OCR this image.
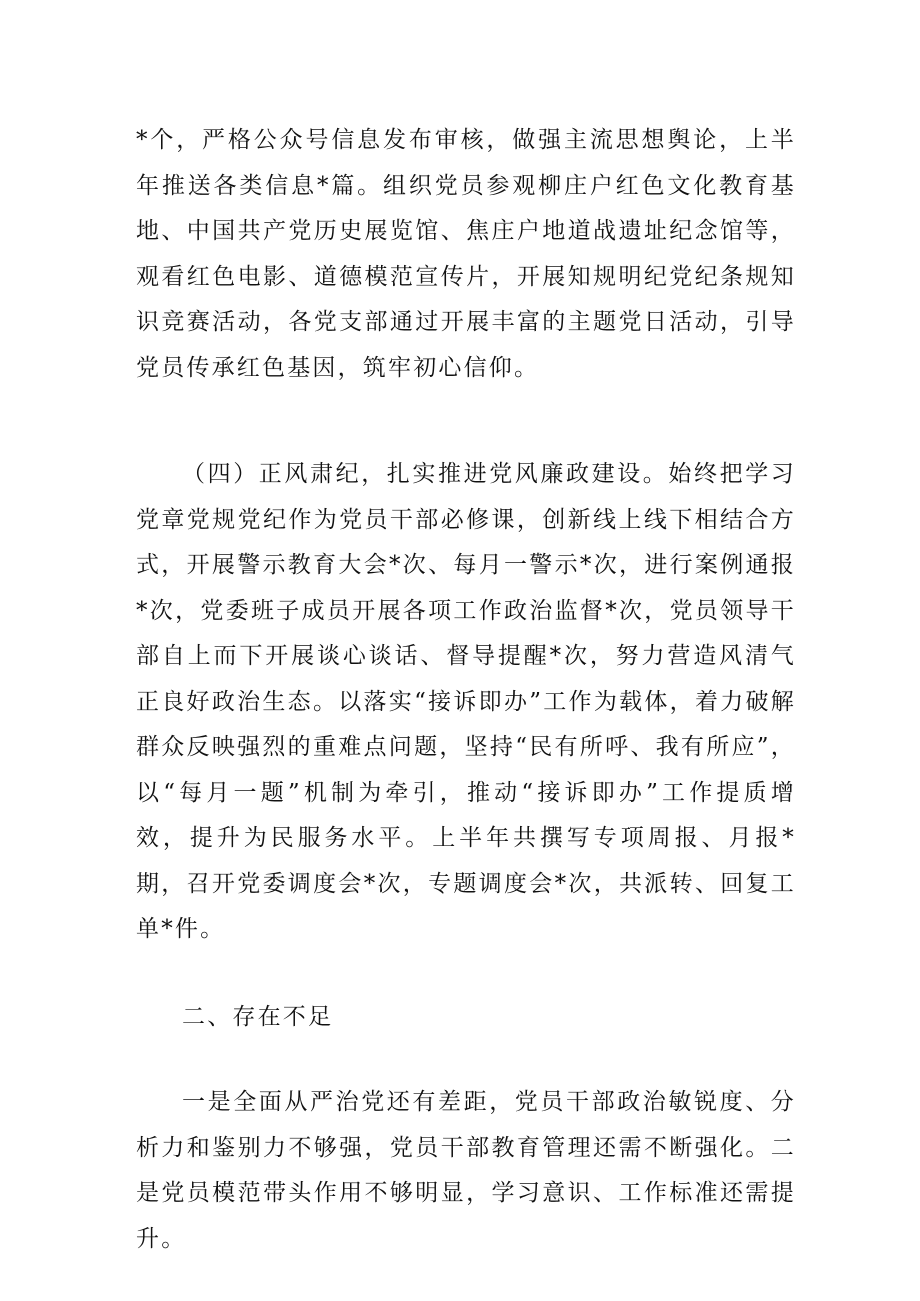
*个，严格公众号信息发布审核，做强主流思想舆论，上半年推送各类信息*篇。组织党员参观柳庄户红色文化教育基地、中国共产党历史展览馆、焦庄户地道战遗址纪念馆等，观看红色电影、道德模范宣传片，开展知规明纪党纪条规知识竞赛活动，各党支部通过开展丰富的主题党日活动，引导党员传承红色基因，筑牢初心信仰。

（四）正风肃纪，扎实推进党风廉政建设。始终把学习党章党规党纪作为党员干部必修课，创新线上线下相结合方式，开展警示教育大会*次、每月一警示*次，进行案例通报*次，党委班子成员开展各项工作政治监督*次，党员领导干部自上而下开展谈心谈话、督导提醒*次，努力营造风清气正良好政治生态。以落实“接诉即办”工作为载体，着力破解群众反映强烈的重难点问题，坚持“民有所呼、我有所应”，以“每月一题”机制为牵引，推动“接诉即办”工作提质增效，提升为民服务水平。上半年共撰写专项周报、月报*期，召开党委调度会*次，专题调度会*次，共派转、回复工单*件。

二、存在不足

一是全面从严治党还有差距，党员干部政治敏锐度、分析力和鉴别力不够强，党员干部教育管理还需不断强化。二是党员模范带头作用不够明显，学习意识、工作标准还需提升。
